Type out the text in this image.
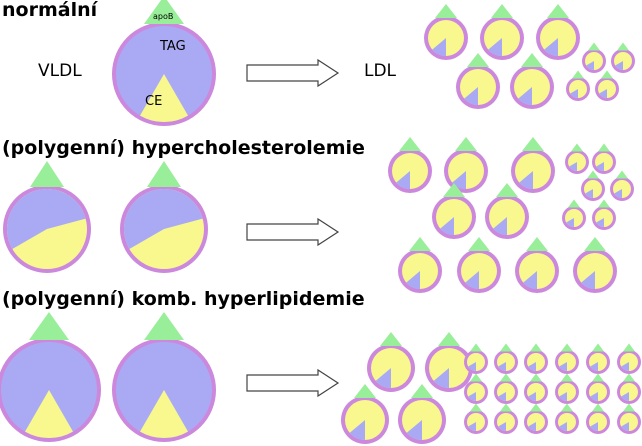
normální
(polygenní) hypercholesterolemie
(polygenní) komb. hyperlipidemie
VLDL	LDL
TAG
CE
apoB
